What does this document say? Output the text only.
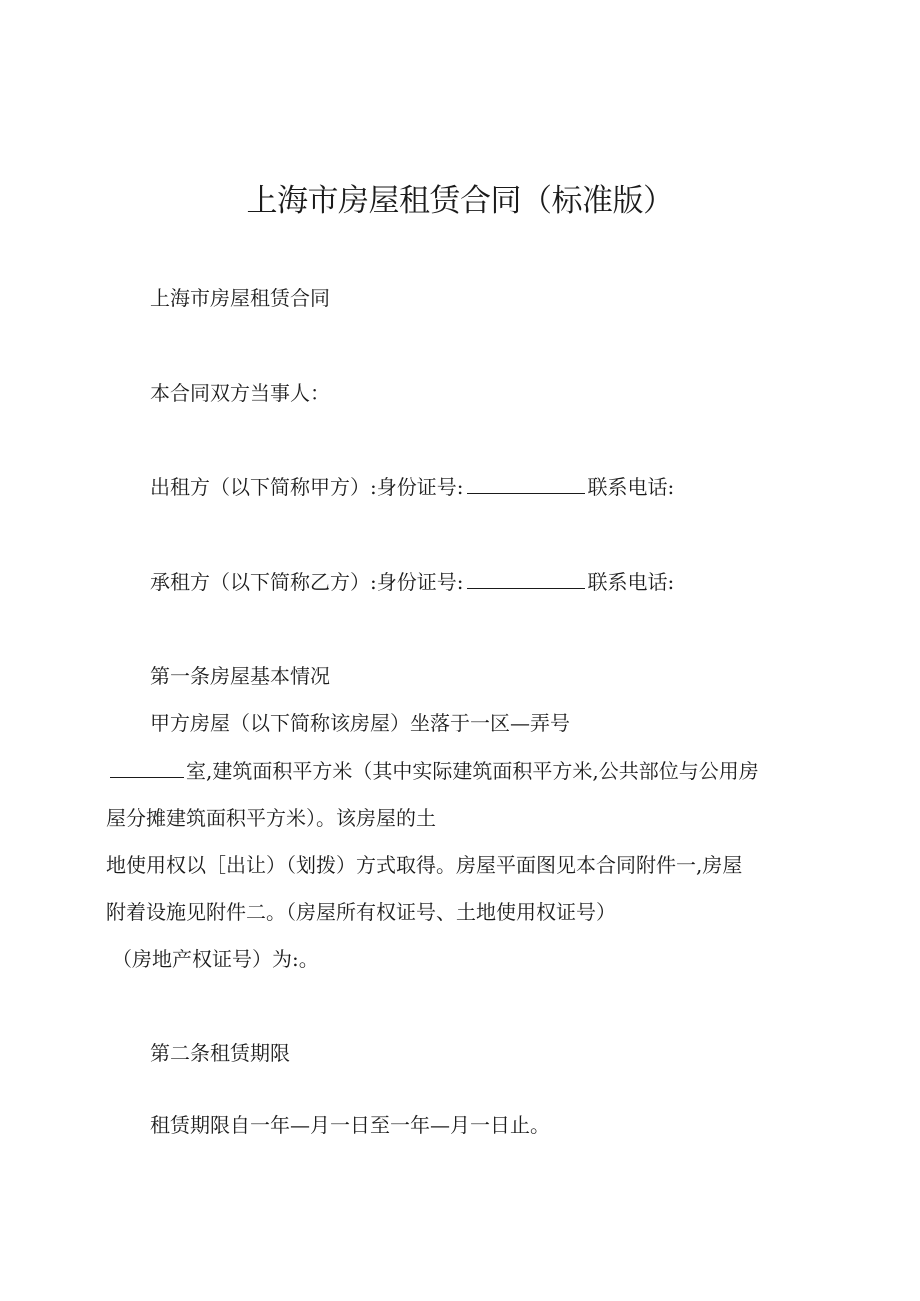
上海市房屋租赁合同（标准版）

上海市房屋租赁合同

本合同双方当事人：

出租方（以下简称甲方）:身份证号:	联系电话:

承租方（以下简称乙方）:身份证号:	联系电话:

第一条房屋基本情况

甲方房屋（以下简称该房屋）坐落于一区—弄号

室,建筑面积平方米（其中实际建筑面积平方米,公共部位与公用房

屋分摊建筑面积平方米）。该房屋的土

地使用权以［出让）（划拨）方式取得。房屋平面图见本合同附件一,房屋

附着设施见附件二。（房屋所有权证号、土地使用权证号）

（房地产权证号）为:。

第二条租赁期限

租赁期限自一年—月一日至一年—月一日止。
